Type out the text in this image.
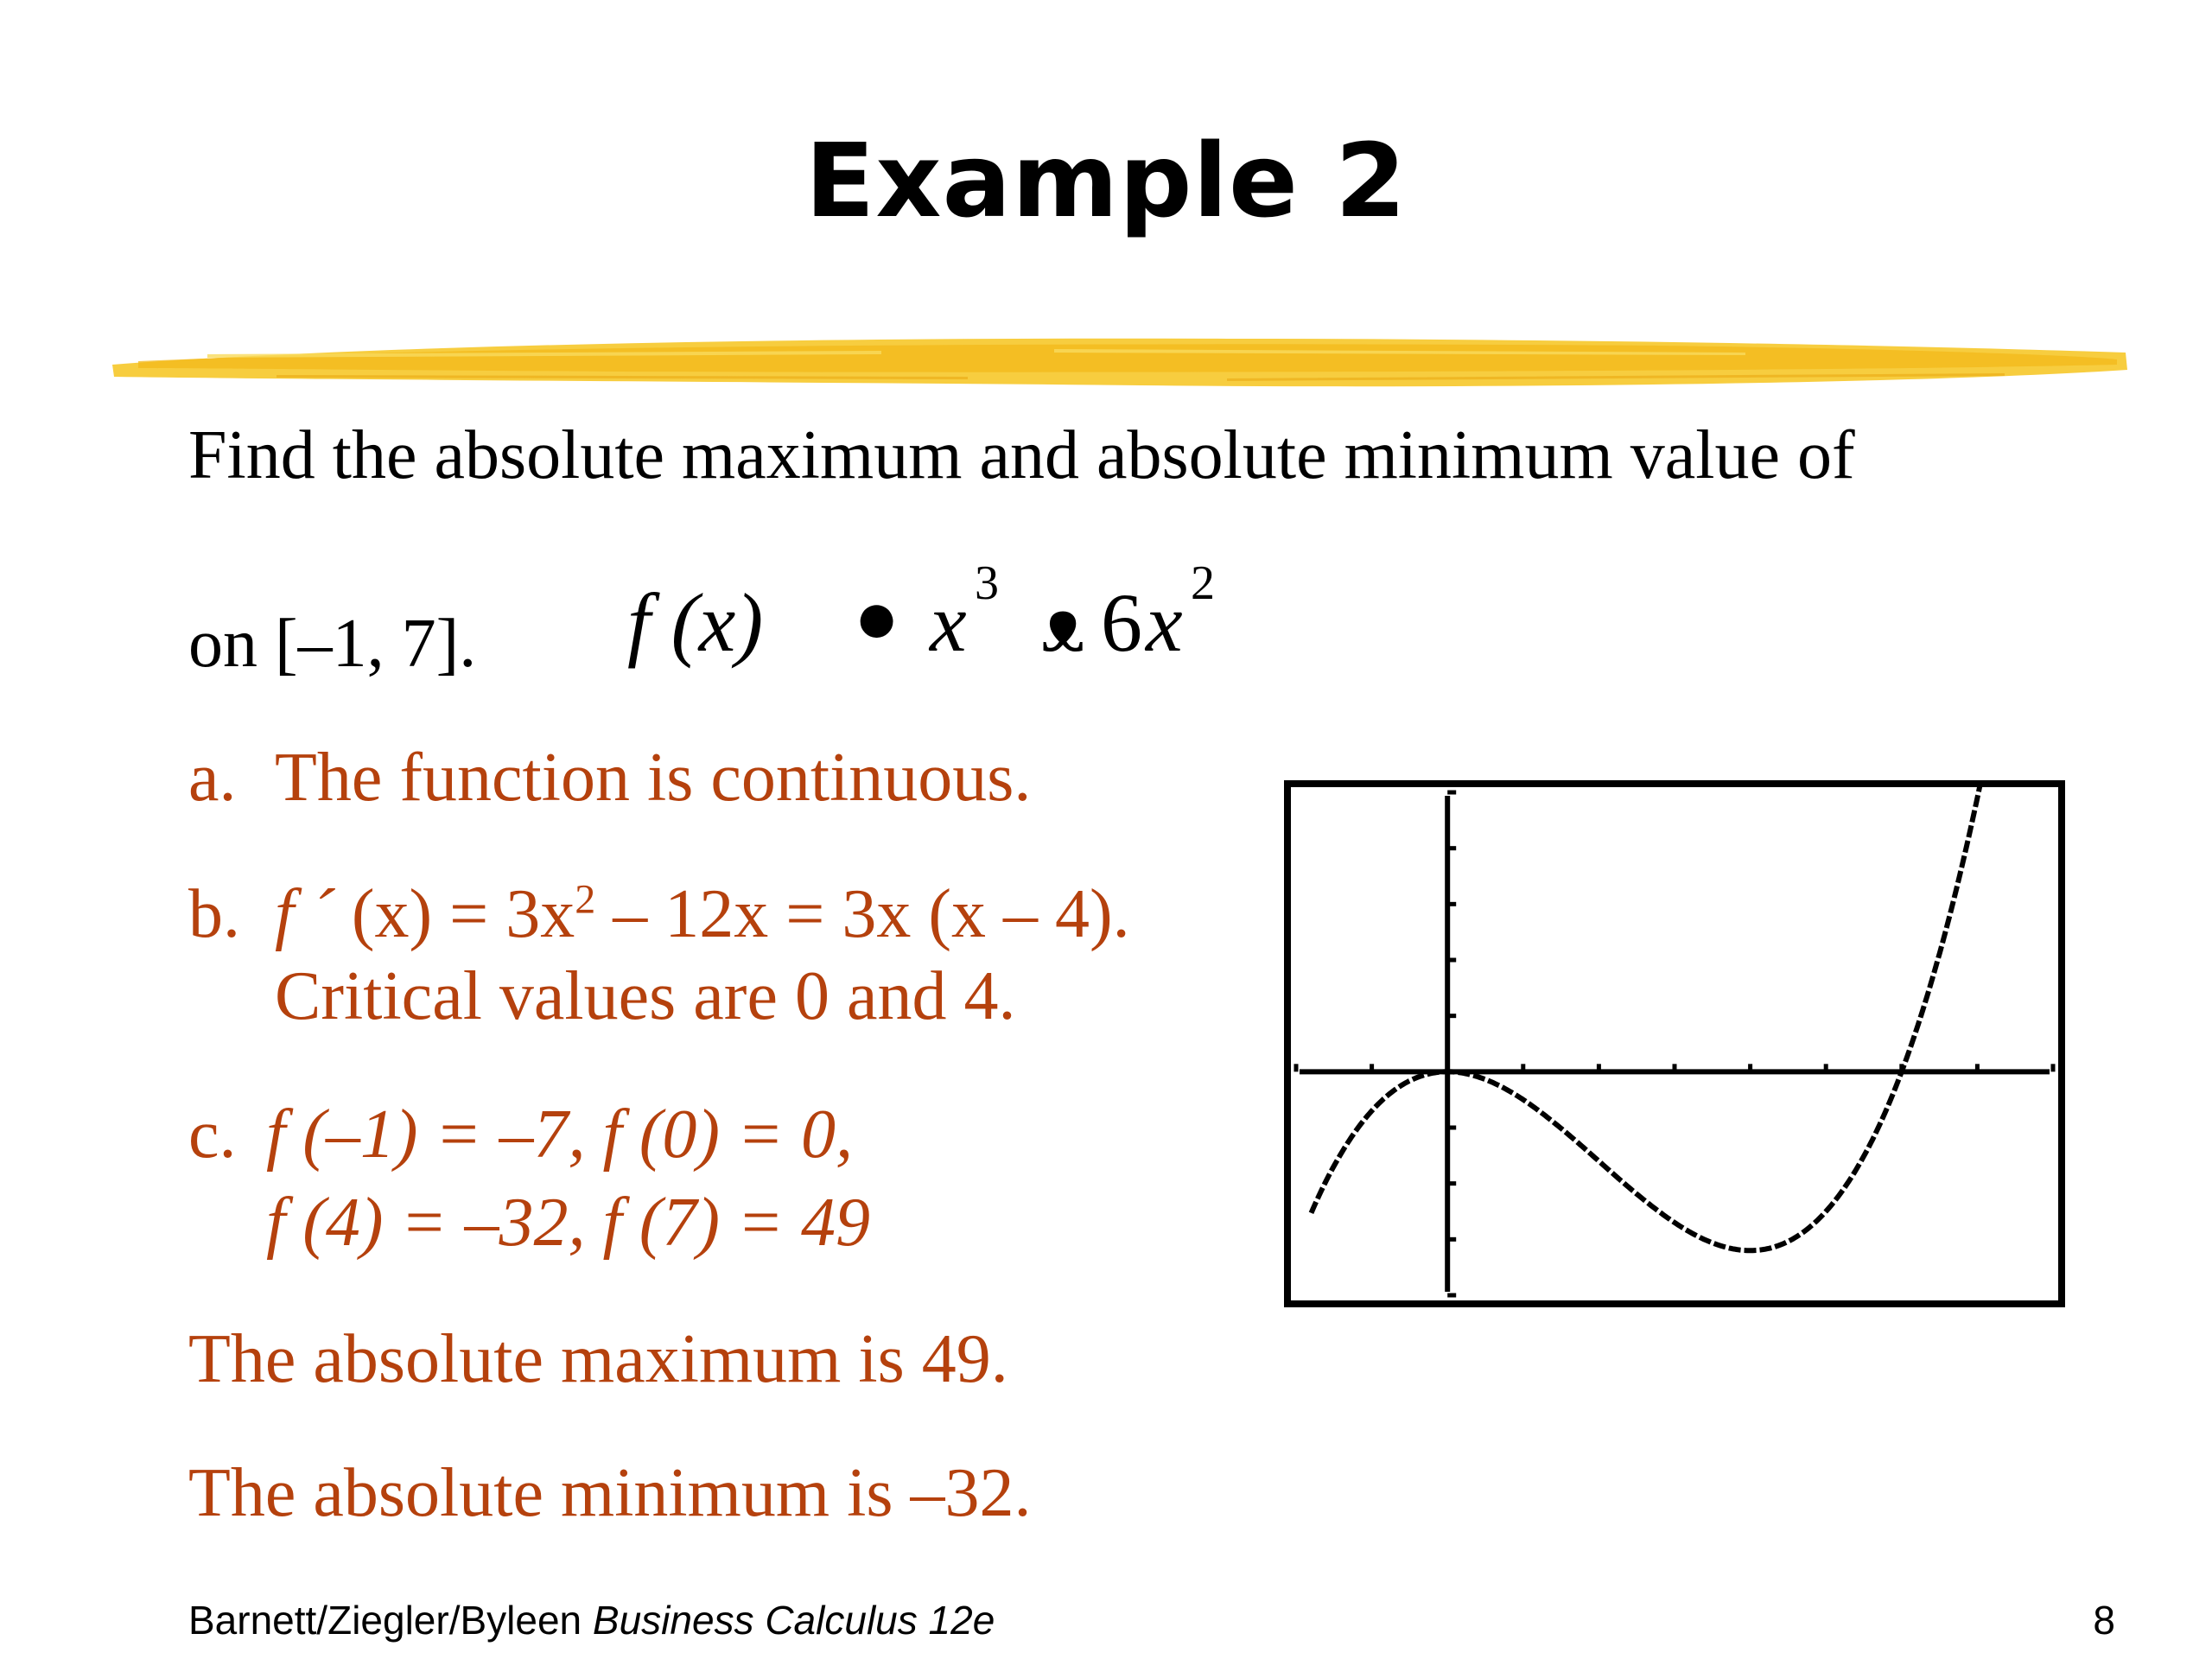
Example 2
Find the absolute maximum and absolute minimum value of
on [–1, 7]. f (x) ● x 3 ᴥ 6 x 2
a. The function is continuous.
b. f ´ $(x) = 3x^2 - 12x = 3x$ (x – 4).
Critical values are 0 and 4.
c. f (–1) = –7, f (0) = 0,
f (4) = –32, f (7) = 49
The absolute maximum is 49.
The absolute minimum is –32.
Barnett/Ziegler/Byleen Business Calculus 12e	8
